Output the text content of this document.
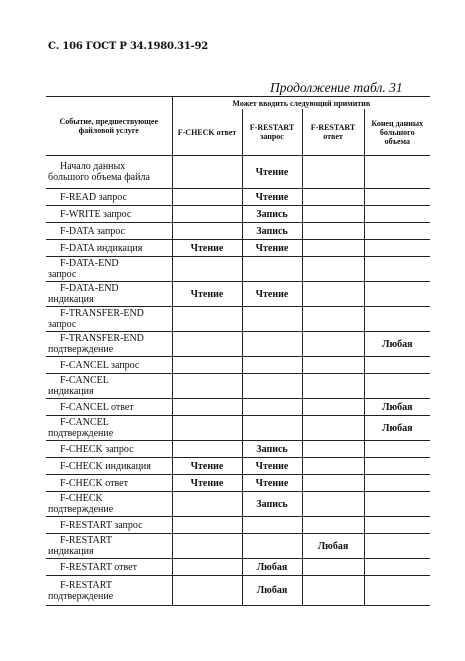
С. 106 ГОСТ Р 34.1980.31-92
Продолжение табл. 31
Событие, предшествующее файловой услуге	Может вводить следующий примитив			
	F-CHECK ответ	F-RESTART запрос	F-RESTART ответ	Конец данных большого объема

Начало данных
большого объема файла		Чтение		

F-READ запрос		Чтение		

F-WRITE запрос		Запись		

F-DATA запрос		Запись		

F-DATA индикация	Чтение	Чтение		

F-DATA-END
запрос				

F-DATA-END
индикация	Чтение	Чтение		

F-TRANSFER-END
запрос				

F-TRANSFER-END
подтверждение				Любая

F-CANCEL запрос				

F-CANCEL
индикация				

F-CANCEL ответ				Любая

F-CANCEL
подтверждение				Любая

F-CHECK запрос		Запись		

F-CHECK индикация	Чтение	Чтение		

F-CHECK ответ	Чтение	Чтение		

F-CHECK
подтверждение		Запись		

F-RESTART запрос				

F-RESTART
индикация			Любая	

F-RESTART ответ		Любая		

F-RESTART
подтверждение		Любая		
